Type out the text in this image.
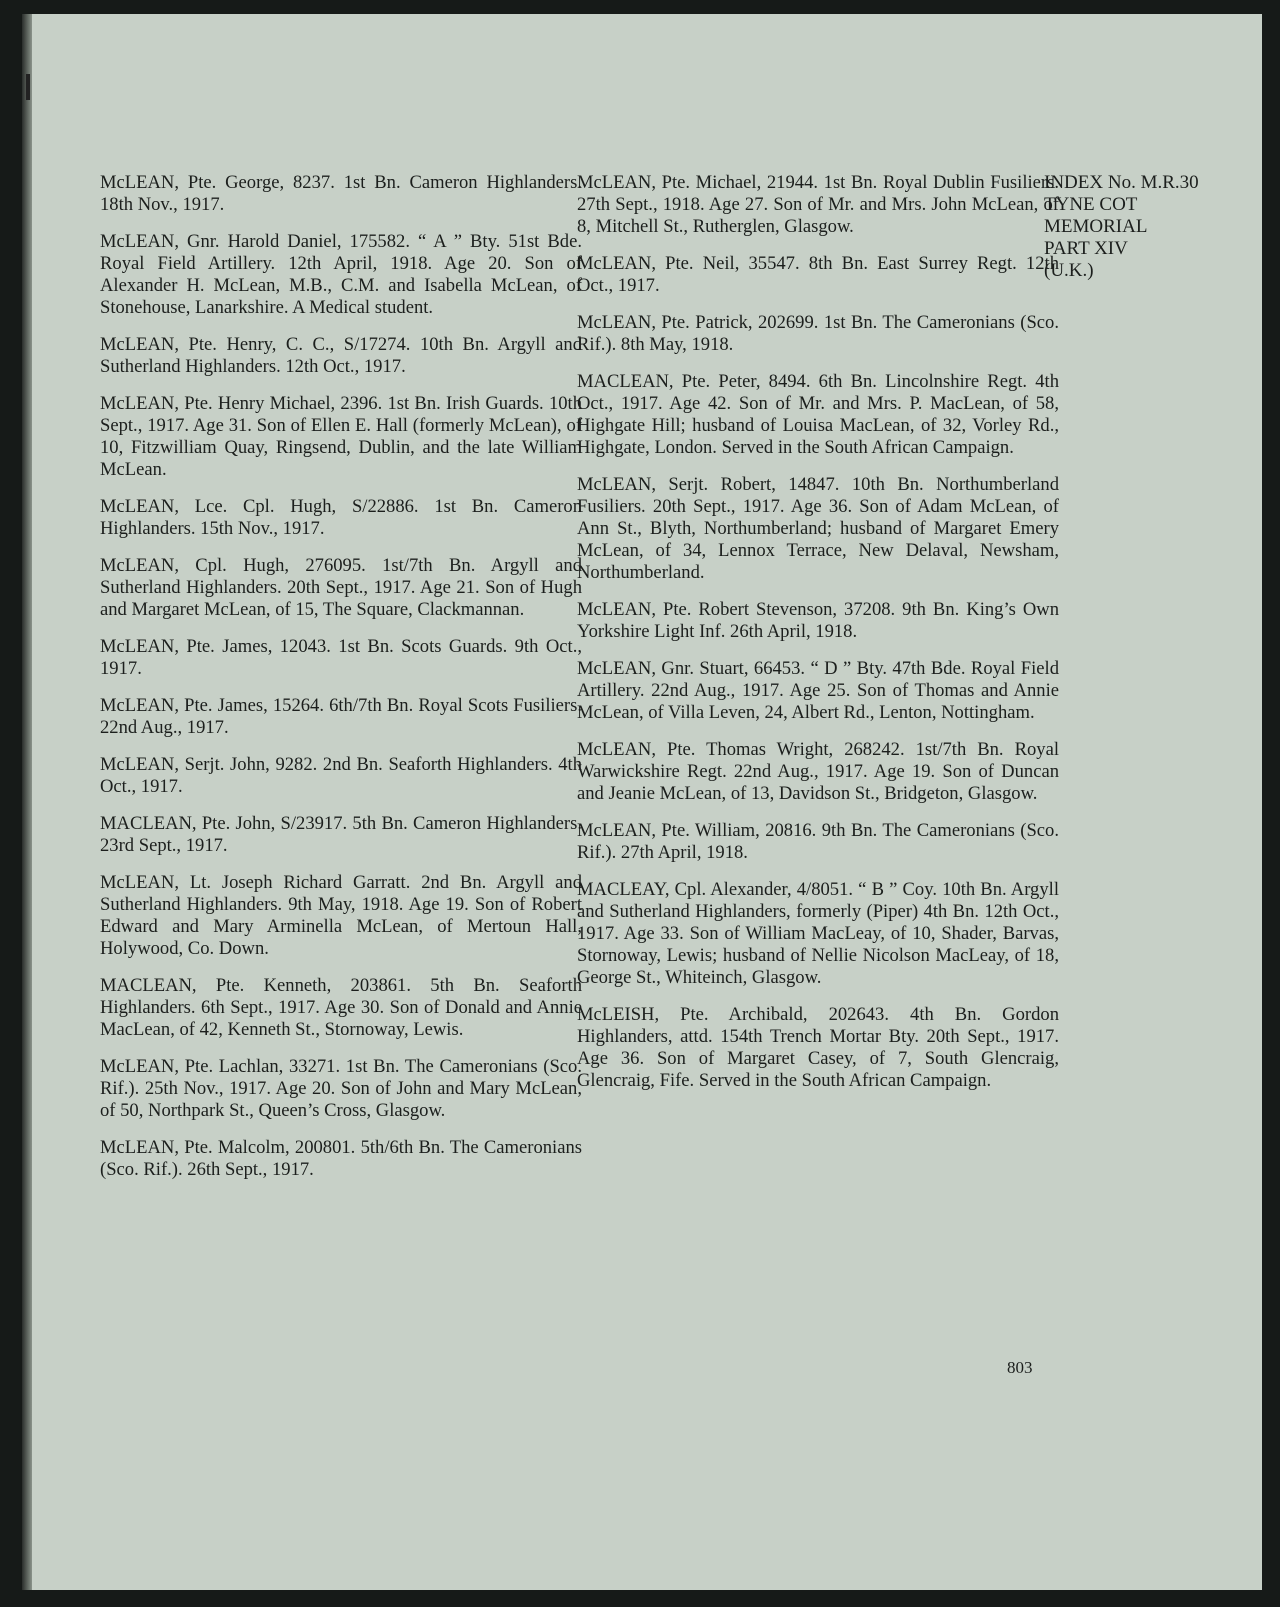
McLEAN, Pte. George, 8237. 1st Bn. Cameron Highlanders. 18th Nov., 1917.

McLEAN, Gnr. Harold Daniel, 175582. “ A ” Bty. 51st Bde. Royal Field Artillery. 12th April, 1918. Age 20. Son of Alexander H. McLean, M.B., C.M. and Isabella McLean, of Stonehouse, Lanarkshire. A Medical student.

McLEAN, Pte. Henry, C. C., S/17274. 10th Bn. Argyll and Sutherland Highlanders. 12th Oct., 1917.

McLEAN, Pte. Henry Michael, 2396. 1st Bn. Irish Guards. 10th Sept., 1917. Age 31. Son of Ellen E. Hall (formerly McLean), of 10, Fitzwilliam Quay, Ringsend, Dublin, and the late William McLean.

McLEAN, Lce. Cpl. Hugh, S/22886. 1st Bn. Cameron Highlanders. 15th Nov., 1917.

McLEAN, Cpl. Hugh, 276095. 1st/7th Bn. Argyll and Sutherland Highlanders. 20th Sept., 1917. Age 21. Son of Hugh and Margaret McLean, of 15, The Square, Clackmannan.

McLEAN, Pte. James, 12043. 1st Bn. Scots Guards. 9th Oct., 1917.

McLEAN, Pte. James, 15264. 6th/7th Bn. Royal Scots Fusiliers. 22nd Aug., 1917.

McLEAN, Serjt. John, 9282. 2nd Bn. Seaforth Highlanders. 4th Oct., 1917.

MACLEAN, Pte. John, S/23917. 5th Bn. Cameron Highlanders. 23rd Sept., 1917.

McLEAN, Lt. Joseph Richard Garratt. 2nd Bn. Argyll and Sutherland Highlanders. 9th May, 1918. Age 19. Son of Robert Edward and Mary Arminella McLean, of Mertoun Hall, Holywood, Co. Down.

MACLEAN, Pte. Kenneth, 203861. 5th Bn. Seaforth Highlanders. 6th Sept., 1917. Age 30. Son of Donald and Annie MacLean, of 42, Kenneth St., Stornoway, Lewis.

McLEAN, Pte. Lachlan, 33271. 1st Bn. The Cameronians (Sco. Rif.). 25th Nov., 1917. Age 20. Son of John and Mary McLean, of 50, Northpark St., Queen’s Cross, Glasgow.

McLEAN, Pte. Malcolm, 200801. 5th/6th Bn. The Cameronians (Sco. Rif.). 26th Sept., 1917.

McLEAN, Pte. Michael, 21944. 1st Bn. Royal Dublin Fusiliers. 27th Sept., 1918. Age 27. Son of Mr. and Mrs. John McLean, of 8, Mitchell St., Rutherglen, Glasgow.

McLEAN, Pte. Neil, 35547. 8th Bn. East Surrey Regt. 12th Oct., 1917.

McLEAN, Pte. Patrick, 202699. 1st Bn. The Cameronians (Sco. Rif.). 8th May, 1918.

MACLEAN, Pte. Peter, 8494. 6th Bn. Lincolnshire Regt. 4th Oct., 1917. Age 42. Son of Mr. and Mrs. P. MacLean, of 58, Highgate Hill; husband of Louisa MacLean, of 32, Vorley Rd., Highgate, London. Served in the South African Campaign.

McLEAN, Serjt. Robert, 14847. 10th Bn. Northumberland Fusiliers. 20th Sept., 1917. Age 36. Son of Adam McLean, of Ann St., Blyth, Northumberland; husband of Margaret Emery McLean, of 34, Lennox Terrace, New Delaval, Newsham, Northumberland.

McLEAN, Pte. Robert Stevenson, 37208. 9th Bn. King’s Own Yorkshire Light Inf. 26th April, 1918.

McLEAN, Gnr. Stuart, 66453. “ D ” Bty. 47th Bde. Royal Field Artillery. 22nd Aug., 1917. Age 25. Son of Thomas and Annie McLean, of Villa Leven, 24, Albert Rd., Lenton, Nottingham.

McLEAN, Pte. Thomas Wright, 268242. 1st/7th Bn. Royal Warwickshire Regt. 22nd Aug., 1917. Age 19. Son of Duncan and Jeanie McLean, of 13, Davidson St., Bridgeton, Glasgow.

McLEAN, Pte. William, 20816. 9th Bn. The Cameronians (Sco. Rif.). 27th April, 1918.

MACLEAY, Cpl. Alexander, 4/8051. “ B ” Coy. 10th Bn. Argyll and Sutherland Highlanders, formerly (Piper) 4th Bn. 12th Oct., 1917. Age 33. Son of William MacLeay, of 10, Shader, Barvas, Stornoway, Lewis; husband of Nellie Nicolson MacLeay, of 18, George St., Whiteinch, Glasgow.

McLEISH, Pte. Archibald, 202643. 4th Bn. Gordon Highlanders, attd. 154th Trench Mortar Bty. 20th Sept., 1917. Age 36. Son of Margaret Casey, of 7, South Glencraig, Glencraig, Fife. Served in the South African Campaign.

INDEX No. M.R.30
TYNE COT
MEMORIAL
PART XIV
(U.K.)
803
